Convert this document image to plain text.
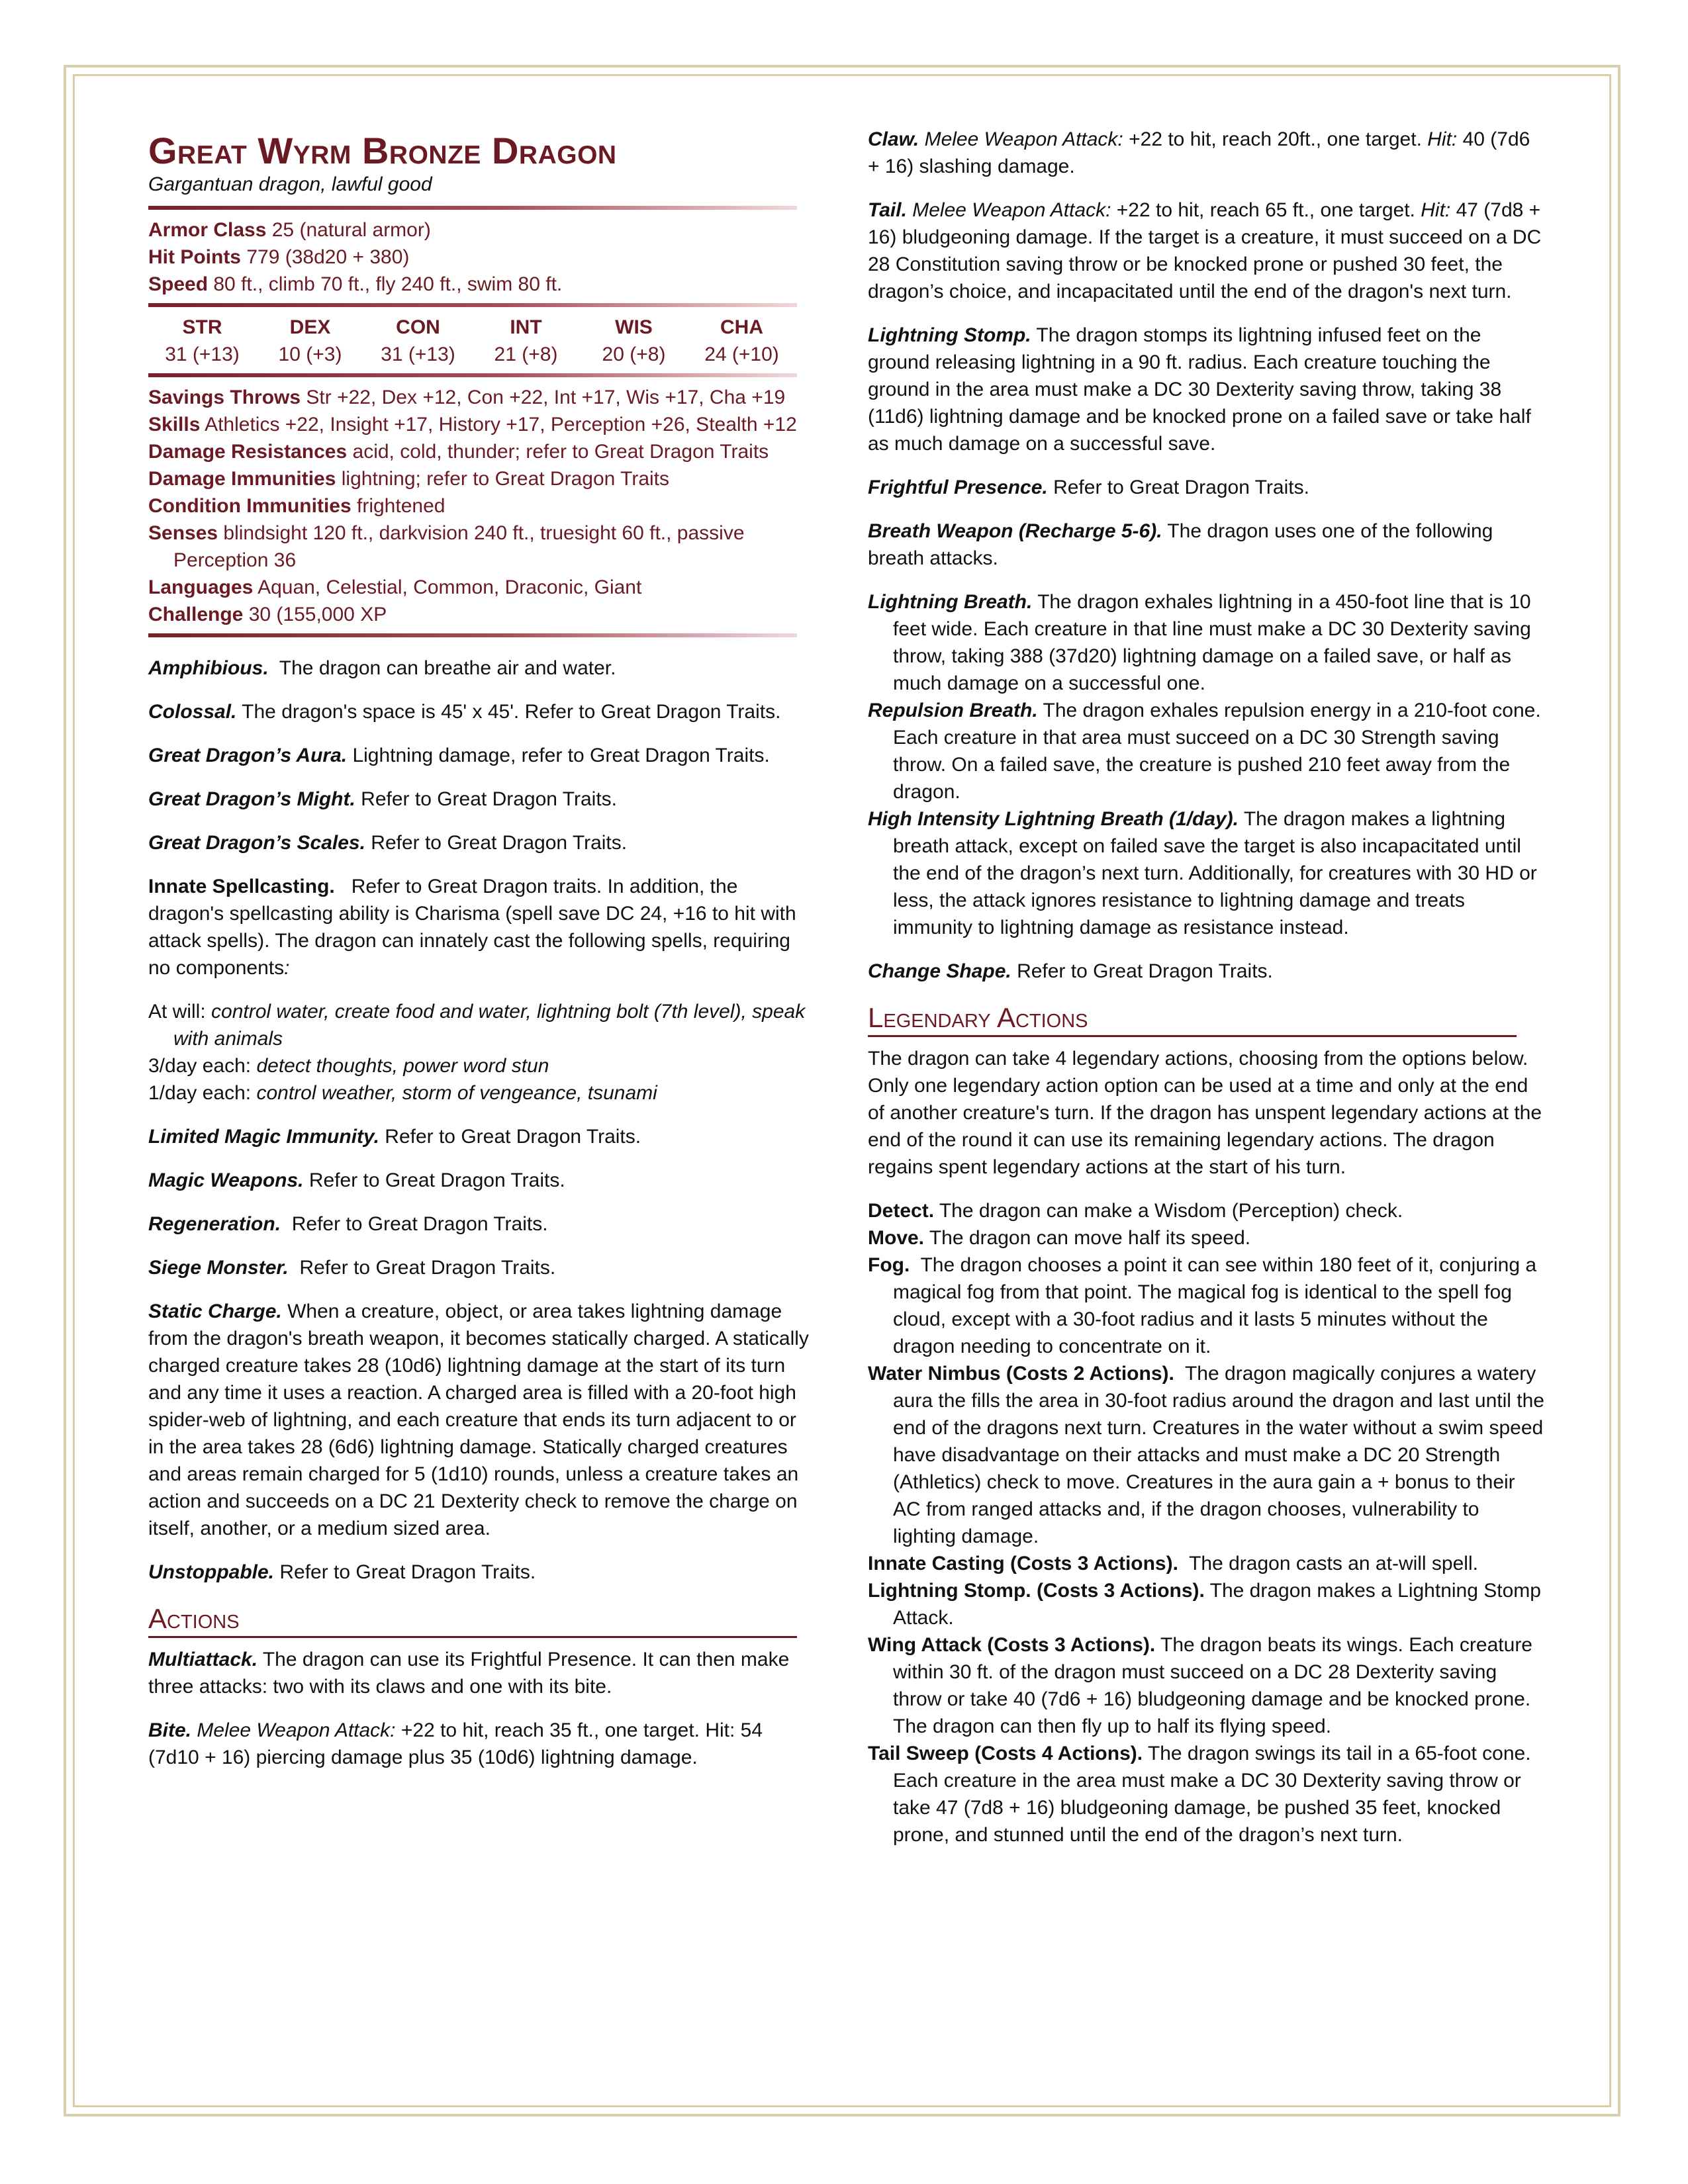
Great Wyrm Bronze Dragon
Gargantuan dragon, lawful good
Armor Class 25 (natural armor)
Hit Points 779 (38d20 + 380)
Speed 80 ft., climb 70 ft., fly 240 ft., swim 80 ft.
STR	DEX	CON	INT	WIS	CHA
31 (+13)	10 (+3)	31 (+13)	21 (+8)	20 (+8)	24 (+10)
Savings Throws Str +22, Dex +12, Con +22, Int +17, Wis +17, Cha +19
Skills Athletics +22, Insight +17, History +17, Perception +26, Stealth +12
Damage Resistances acid, cold, thunder; refer to Great Dragon Traits
Damage Immunities lightning; refer to Great Dragon Traits
Condition Immunities frightened
Senses blindsight 120 ft., darkvision 240 ft., truesight 60 ft., passive Perception 36
Languages Aquan, Celestial, Common, Draconic, Giant
Challenge 30 (155,000 XP

Amphibious. The dragon can breathe air and water.

Colossal. The dragon's space is 45' x 45'. Refer to Great Dragon Traits.

Great Dragon’s Aura. Lightning damage, refer to Great Dragon Traits.

Great Dragon’s Might. Refer to Great Dragon Traits.

Great Dragon’s Scales. Refer to Great Dragon Traits.

Innate Spellcasting. Refer to Great Dragon traits. In addition, the dragon's spellcasting ability is Charisma (spell save DC 24, +16 to hit with attack spells). The dragon can innately cast the following spells, requiring no components:

At will: control water, create food and water, lightning bolt (7th level), speak with animals
3/day each: detect thoughts, power word stun
1/day each: control weather, storm of vengeance, tsunami

Limited Magic Immunity. Refer to Great Dragon Traits.

Magic Weapons. Refer to Great Dragon Traits.

Regeneration. Refer to Great Dragon Traits.

Siege Monster. Refer to Great Dragon Traits.

Static Charge. When a creature, object, or area takes lightning damage from the dragon's breath weapon, it becomes statically charged. A statically charged creature takes 28 (10d6) lightning damage at the start of its turn and any time it uses a reaction. A charged area is filled with a 20-foot high spider-web of lightning, and each creature that ends its turn adjacent to or in the area takes 28 (6d6) lightning damage. Statically charged creatures and areas remain charged for 5 (1d10) rounds, unless a creature takes an action and succeeds on a DC 21 Dexterity check to remove the charge on itself, another, or a medium sized area.

Unstoppable. Refer to Great Dragon Traits.

Actions

Multiattack. The dragon can use its Frightful Presence. It can then make three attacks: two with its claws and one with its bite.

Bite. Melee Weapon Attack: +22 to hit, reach 35 ft., one target. Hit: 54 (7d10 + 16) piercing damage plus 35 (10d6) lightning damage.

Claw. Melee Weapon Attack: +22 to hit, reach 20ft., one target. Hit: 40 (7d6 + 16) slashing damage.

Tail. Melee Weapon Attack: +22 to hit, reach 65 ft., one target. Hit: 47 (7d8 + 16) bludgeoning damage. If the target is a creature, it must succeed on a DC 28 Constitution saving throw or be knocked prone or pushed 30 feet, the dragon’s choice, and incapacitated until the end of the dragon's next turn.

Lightning Stomp. The dragon stomps its lightning infused feet on the ground releasing lightning in a 90 ft. radius. Each creature touching the ground in the area must make a DC 30 Dexterity saving throw, taking 38 (11d6) lightning damage and be knocked prone on a failed save or take half as much damage on a successful save.

Frightful Presence. Refer to Great Dragon Traits.

Breath Weapon (Recharge 5-6). The dragon uses one of the following breath attacks.

Lightning Breath. The dragon exhales lightning in a 450-foot line that is 10 feet wide. Each creature in that line must make a DC 30 Dexterity saving throw, taking 388 (37d20) lightning damage on a failed save, or half as much damage on a successful one.
Repulsion Breath. The dragon exhales repulsion energy in a 210-foot cone. Each creature in that area must succeed on a DC 30 Strength saving throw. On a failed save, the creature is pushed 210 feet away from the dragon.
High Intensity Lightning Breath (1/day). The dragon makes a lightning breath attack, except on failed save the target is also incapacitated until the end of the dragon’s next turn. Additionally, for creatures with 30 HD or less, the attack ignores resistance to lightning damage and treats immunity to lightning damage as resistance instead.

Change Shape. Refer to Great Dragon Traits.

Legendary Actions

The dragon can take 4 legendary actions, choosing from the options below. Only one legendary action option can be used at a time and only at the end of another creature's turn. If the dragon has unspent legendary actions at the end of the round it can use its remaining legendary actions. The dragon regains spent legendary actions at the start of his turn.

Detect. The dragon can make a Wisdom (Perception) check.
Move. The dragon can move half its speed.
Fog. The dragon chooses a point it can see within 180 feet of it, conjuring a magical fog from that point. The magical fog is identical to the spell fog cloud, except with a 30-foot radius and it lasts 5 minutes without the dragon needing to concentrate on it.
Water Nimbus (Costs 2 Actions). The dragon magically conjures a watery aura the fills the area in 30-foot radius around the dragon and last until the end of the dragons next turn. Creatures in the water without a swim speed have disadvantage on their attacks and must make a DC 20 Strength (Athletics) check to move. Creatures in the aura gain a + bonus to their AC from ranged attacks and, if the dragon chooses, vulnerability to lighting damage.
Innate Casting (Costs 3 Actions). The dragon casts an at-will spell.
Lightning Stomp. (Costs 3 Actions). The dragon makes a Lightning Stomp Attack.
Wing Attack (Costs 3 Actions). The dragon beats its wings. Each creature within 30 ft. of the dragon must succeed on a DC 28 Dexterity saving throw or take 40 (7d6 + 16) bludgeoning damage and be knocked prone. The dragon can then fly up to half its flying speed.
Tail Sweep (Costs 4 Actions). The dragon swings its tail in a 65-foot cone. Each creature in the area must make a DC 30 Dexterity saving throw or take 47 (7d8 + 16) bludgeoning damage, be pushed 35 feet, knocked prone, and stunned until the end of the dragon’s next turn.
